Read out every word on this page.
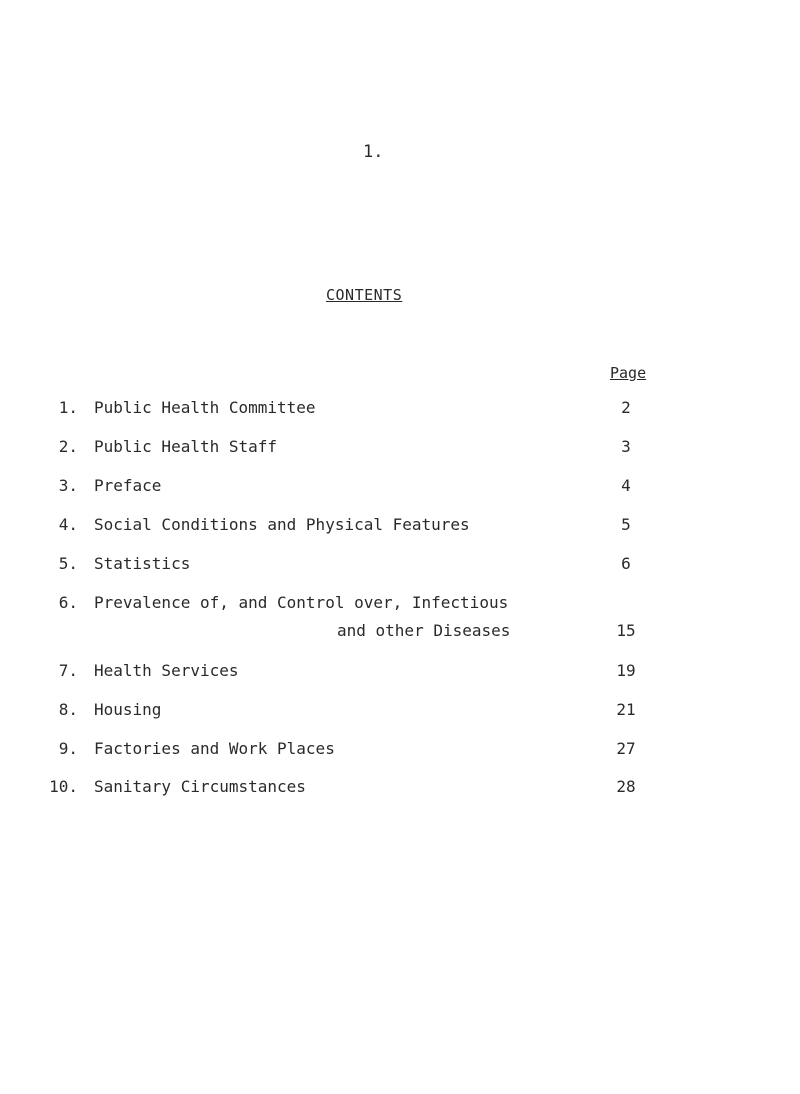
1.
CONTENTS
Page
1. Public Health Committee	2
2. Public Health Staff	3
3. Preface	4
4. Social Conditions and Physical Features	5
5. Statistics	6
6. Prevalence of, and Control over, Infectious
and other Diseases	15
7. Health Services	19
8. Housing	21
9. Factories and Work Places	27
10. Sanitary Circumstances	28
